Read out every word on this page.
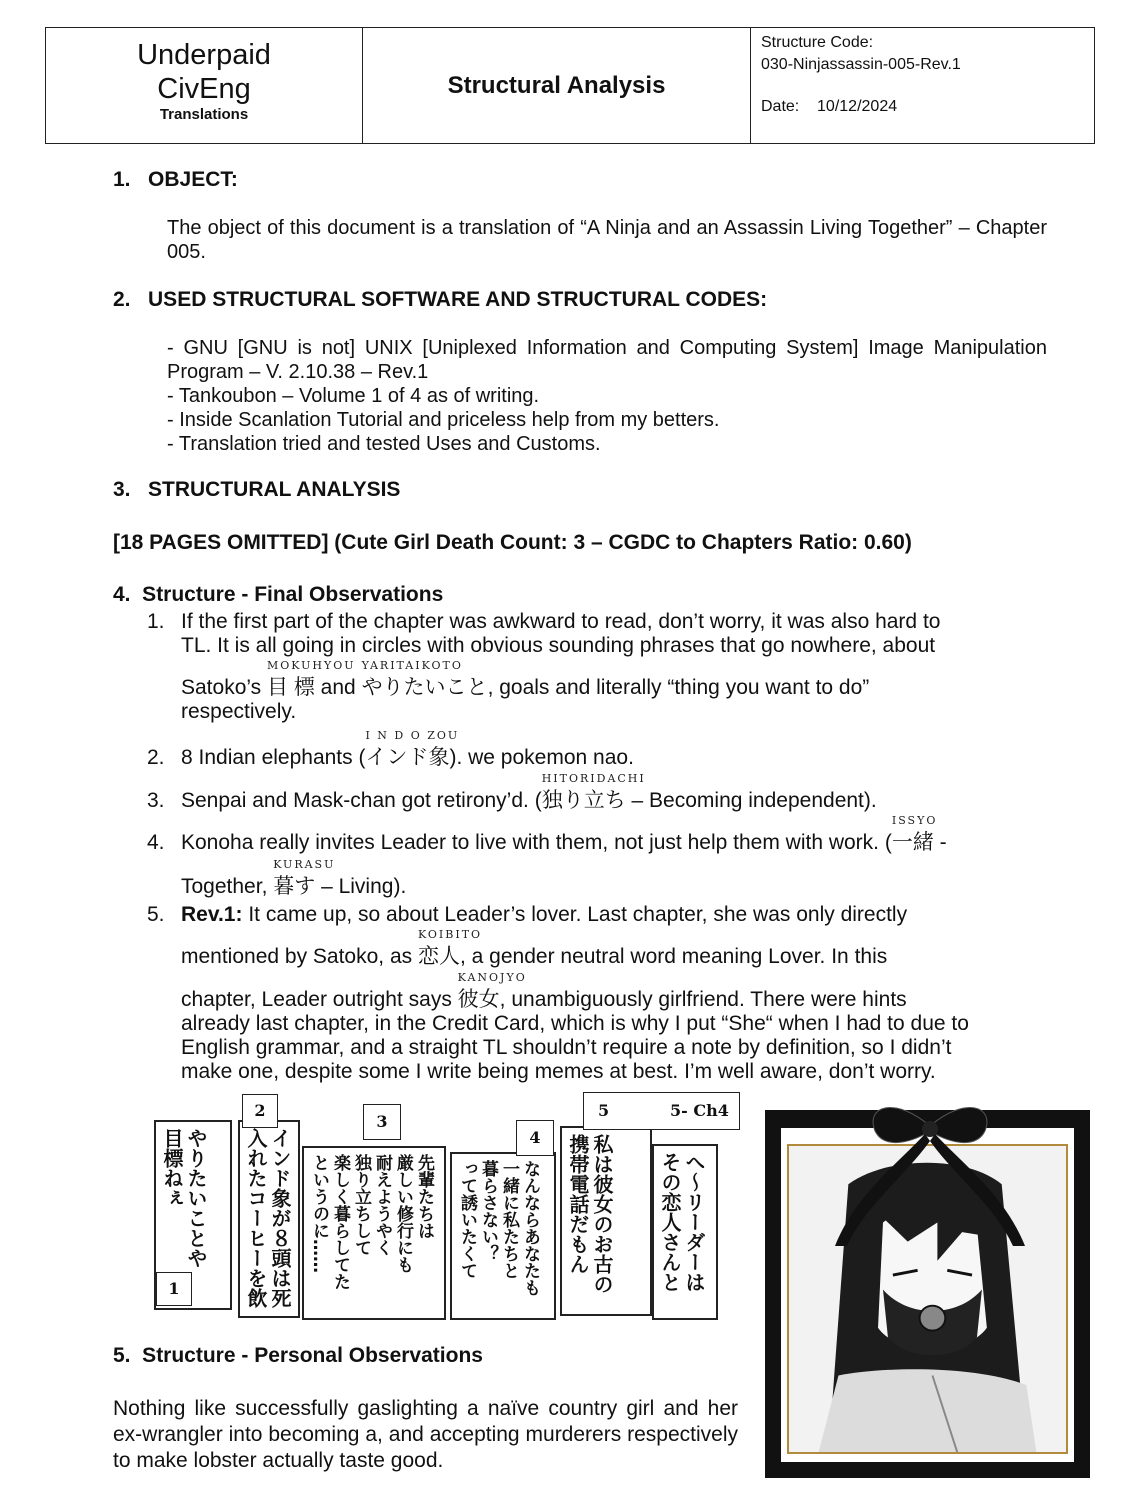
Underpaid
CivEng
Translations
Structural Analysis
Structure Code:
030-Ninjassassin-005-Rev.1
Date: 10/12/2024
1.   OBJECT:
The object of this document is a translation of “A Ninja and an Assassin Living Together” – Chapter 005.
2.   USED STRUCTURAL SOFTWARE AND STRUCTURAL CODES:
- GNU [GNU is not] UNIX [Uniplexed Information and Computing System] Image Manipulation Program – V. 2.10.38 – Rev.1
- Tankoubon – Volume 1 of 4 as of writing.
- Inside Scanlation Tutorial and priceless help from my betters.
- Translation tried and tested Uses and Customs.
3.   STRUCTURAL ANALYSIS
[18 PAGES OMITTED] (Cute Girl Death Count: 3 – CGDC to Chapters Ratio: 0.60)
4.  Structure - Final Observations
1. If the first part of the chapter was awkward to read, don’t worry, it was also hard to
TL. It is all going in circles with obvious sounding phrases that go nowhere, about
Satoko’s
MOKUHYOU
目 標 and
YARITAIKOTO
やりたいこと, goals and literally “thing you want to do”
respectively.
2. 8 Indian elephants (
I N D O ZOU
インド象). we pokemon nao.
3. Senpai and Mask-chan got retirony’d. (
HITORIDACHI
独り立ち – Becoming independent).
4. Konoha really invites Leader to live with them, not just help them with work. (
ISSYO
一緒 -
Together,
KURASU
暮す – Living).
5. Rev.1: It came up, so about Leader’s lover. Last chapter, she was only directly
mentioned by Satoko, as
KOIBITO
恋人, a gender neutral word meaning Lover. In this
chapter, Leader outright says
KANOJYO
彼女, unambiguously girlfriend. There were hints
already last chapter, in the Credit Card, which is why I put “She“ when I had to due to
English grammar, and a straight TL shouldn’t require a note by definition, so I didn’t
make one, despite some I write being memes at best. I’m well aware, don’t worry.
やりたいことや
目標ねぇ
1	インド象が８頭は死
入れたコーヒーを飲
2
先輩たちは
厳しい修行にも
耐えようやく
独り立ちして
楽しく暮らしてた
というのに……
3
なんならあなたも
一緒に私たちと
暮らさない？
って誘いたくて
4	私は彼女のお古の
携帯電話だもん	へ〜リーダーは
その恋人さんと
5	5- Ch4
5.  Structure - Personal Observations
Nothing like successfully gaslighting a naïve country girl and her ex-wrangler into becoming a, and accepting murderers respectively to make lobster actually taste good.
